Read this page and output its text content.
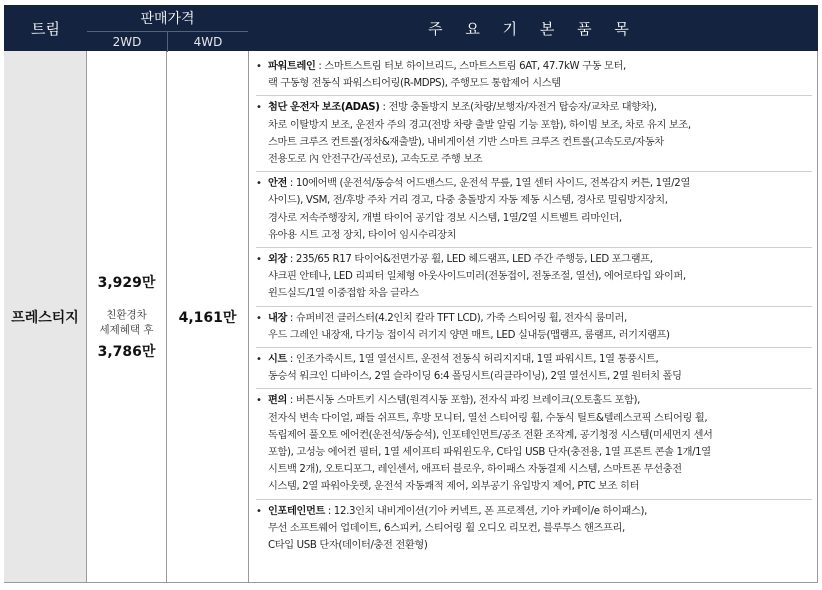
트림
판매가격
2WD	4WD
주 요 기 본 품 목
프레스티지
3,929만
친환경차
세제혜택 후
3,786만
4,161만
• 파워트레인 : 스마트스트림 터보 하이브리드, 스마트스트림 6AT, 47.7kW 구동 모터,
랙 구동형 전동식 파워스티어링(R-MDPS), 주행모드 통합제어 시스템
• 첨단 운전자 보조(ADAS) : 전방 충돌방지 보조(차량/보행자/자전거 탑승자/교차로 대향차),
차로 이탈방지 보조, 운전자 주의 경고(전방 차량 출발 알림 기능 포함), 하이빔 보조, 차로 유지 보조,
스마트 크루즈 컨트롤(정차&재출발), 내비게이션 기반 스마트 크루즈 컨트롤(고속도로/자동차
전용도로 內 안전구간/곡선로), 고속도로 주행 보조
• 안전 : 10에어백 (운전석/동승석 어드밴스드, 운전석 무릎, 1열 센터 사이드, 전복감지 커튼, 1열/2열
사이드), VSM, 전/후방 주차 거리 경고, 다중 충돌방지 자동 제동 시스템, 경사로 밀림방지장치,
경사로 저속주행장치, 개별 타이어 공기압 경보 시스템, 1열/2열 시트벨트 리마인더,
유아용 시트 고정 장치, 타이어 임시수리장치
• 외장 : 235/65 R17 타이어&전면가공 휠, LED 헤드램프, LED 주간 주행등, LED 포그램프,
샤크핀 안테나, LED 리피터 일체형 아웃사이드미러(전동접이, 전동조절, 열선), 에어로타입 와이퍼,
윈드실드/1열 이중접합 차음 글라스
• 내장 : 슈퍼비전 클러스터(4.2인치 칼라 TFT LCD), 가죽 스티어링 휠, 전자식 룸미러,
우드 그레인 내장재, 다기능 접이식 러기지 양면 매트, LED 실내등(맵램프, 룸램프, 러기지램프)
• 시트 : 인조가죽시트, 1열 열선시트, 운전석 전동식 허리지지대, 1열 파워시트, 1열 통풍시트,
동승석 워크인 디바이스, 2열 슬라이딩 6:4 폴딩시트(리클라이닝), 2열 열선시트, 2열 원터치 폴딩
• 편의 : 버튼시동 스마트키 시스템(원격시동 포함), 전자식 파킹 브레이크(오토홀드 포함),
전자식 변속 다이얼, 패들 쉬프트, 후방 모니터, 열선 스티어링 휠, 수동식 틸트&텔레스코픽 스티어링 휠,
독립제어 풀오토 에어컨(운전석/동승석), 인포테인먼트/공조 전환 조작계, 공기청정 시스템(미세먼지 센서
포함), 고성능 에어컨 필터, 1열 세이프티 파워윈도우, C타입 USB 단자(충전용, 1열 프론트 콘솔 1개/1열
시트백 2개), 오토디포그, 레인센서, 애프터 블로우, 하이패스 자동결제 시스템, 스마트폰 무선충전
시스템, 2열 파워아웃렛, 운전석 자동쾌적 제어, 외부공기 유입방지 제어, PTC 보조 히터
• 인포테인먼트 : 12.3인치 내비게이션(기아 커넥트, 폰 프로젝션, 기아 카페이/e 하이패스),
무선 소프트웨어 업데이트, 6스피커, 스티어링 휠 오디오 리모컨, 블루투스 핸즈프리,
C타입 USB 단자(데이터/충전 전환형)
